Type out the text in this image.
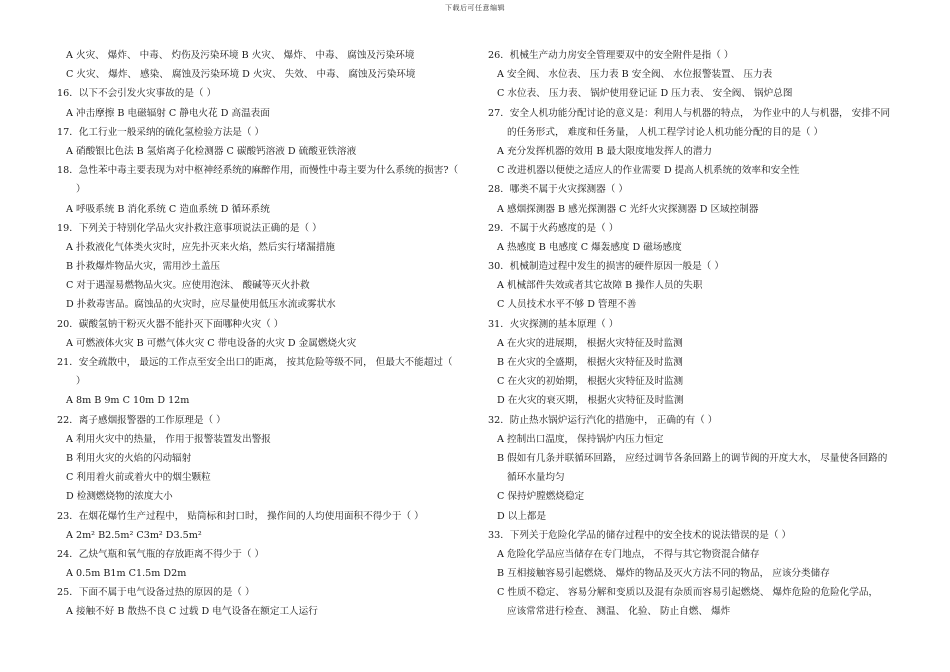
下载后可任意编辑
A 火灾、 爆炸、 中毒、 灼伤及污染环境 B 火灾、 爆炸、 中毒、 腐蚀及污染环境
C 火灾、 爆炸、 感染、 腐蚀及污染环境 D 火灾、 失效、 中毒、 腐蚀及污染环境
16．以下不会引发火灾事故的是（ ）
A 冲击摩擦 B 电磁辐射 C 静电火花 D 高温表面
17．化工行业一般采纳的硫化氢检验方法是（ ）
A 硝酸银比色法 B 氢焰离子化检测器 C 碳酸钙溶液 D 硫酸亚铁溶液
18．急性苯中毒主要表现为对中枢神经系统的麻醉作用，而慢性中毒主要为什么系统的损害?（
）
A 呼吸系统 B 消化系统 C 造血系统 D 循环系统
19．下列关于特别化学品火灾扑救注意事项说法正确的是（ ）
A 扑救液化气体类火灾时，应先扑灭来火焰，然后实行堵漏措施
B 扑救爆炸物品火灾，需用沙土盖压
C 对于遇湿易燃物品火灾。应使用泡沫、 酸碱等灭火扑救
D 扑救毒害品。腐蚀品的火灾时，应尽量使用低压水流或雾状水
20．碳酸氢钠干粉灭火器不能扑灭下面哪种火灾（ ）
A 可燃液体火灾 B 可燃气体火灾 C 带电设备的火灾 D 金属燃烧火灾
21．安全疏散中， 最远的工作点至安全出口的距离， 按其危险等级不同， 但最大不能超过（
）
A 8m B 9m C 10m D 12m
22．离子感烟报警器的工作原理是（ ）
A 利用火灾中的热量， 作用于报警装置发出警报
B 利用火灾的火焰的闪动辐射
C 利用着火前或着火中的烟尘颗粒
D 检测燃烧物的浓度大小
23．在烟花爆竹生产过程中， 贴筒标和封口时， 操作间的人均使用面积不得少于（ ）
A 2m² B2.5m² C3m² D3.5m²
24．乙炔气瓶和氧气瓶的存放距离不得少于（ ）
A 0.5m B1m C1.5m D2m
25．下面不属于电气设备过热的原因的是（ ）
A 接触不好 B 散热不良 C 过载 D 电气设备在额定工人运行
26．机械生产动力房安全管理要双中的安全附件是指（ ）
A 安全阀、 水位表、 压力表 B 安全阀、 水位报警装置、 压力表
C 水位表、 压力表、 锅炉使用登记证 D 压力表、 安全阀、 锅炉总图
27．安全人机功能分配讨论的意义是：利用人与机器的特点， 为作业中的人与机器， 安排不同
的任务形式， 难度和任务量， 人机工程学讨论人机功能分配的目的是（ ）
A 充分发挥机器的效用 B 最大限度地发挥人的潜力
C 改进机器以便使之适应人的作业需要 D 提高人机系统的效率和安全性
28．哪类不属于火灾探测器（ ）
A 感烟探测器 B 感光探测器 C 光纤火灾探测器 D 区域控制器
29．不属于火药感度的是（ ）
A 热感度 B 电感度 C 爆轰感度 D 磁场感度
30．机械制造过程中发生的损害的硬件原因一般是（ ）
A 机械部件失效或者其它故障 B 操作人员的失职
C 人员技术水平不够 D 管理不善
31．火灾探测的基本原理（ ）
A 在火灾的进展期， 根据火灾特征及时监测
B 在火灾的全盛期， 根据火灾特征及时监测
C 在火灾的初始期， 根据火灾特征及时监测
D 在火灾的衰灭期， 根据火灾特征及时监测
32．防止热水锅炉运行汽化的措施中， 正确的有（ ）
A 控制出口温度， 保持锅炉内压力恒定
B 假如有几条并联循环回路， 应经过调节各条回路上的调节阀的开度大水， 尽量使各回路的
循环水量均匀
C 保持炉膛燃烧稳定
D 以上都是
33．下列关于危险化学品的储存过程中的安全技术的说法错误的是（ ）
A 危险化学品应当储存在专门地点， 不得与其它物资混合储存
B 互相接触容易引起燃烧、 爆炸的物品及灭火方法不同的物品， 应该分类储存
C 性质不稳定、 容易分解和变质以及混有杂质而容易引起燃烧、 爆炸危险的危险化学品，
应该常常进行检查、 测温、 化验、 防止自燃、 爆炸
